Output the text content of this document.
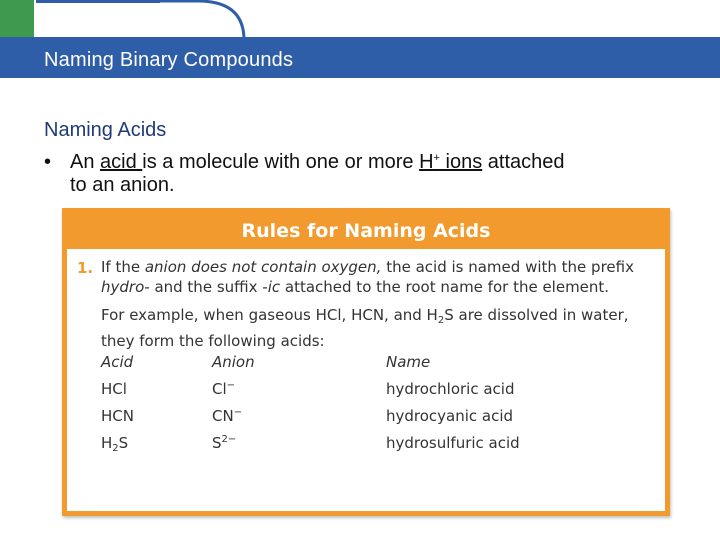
Naming Binary Compounds
Naming Acids
• An acid is a molecule with one or more H+ ions attached
to an anion.
Rules for Naming Acids
1. If the anion does not contain oxygen, the acid is named with the prefix hydro- and the suffix -ic attached to the root name for the element.
For example, when gaseous HCl, HCN, and $H_2S$ are dissolved in water, they form the following acids:
Acid	Anion	Name
HCl	Cl−	hydrochloric acid
HCN	CN−	hydrocyanic acid
$H_2S$	$S^{2-}$	hydrosulfuric acid
